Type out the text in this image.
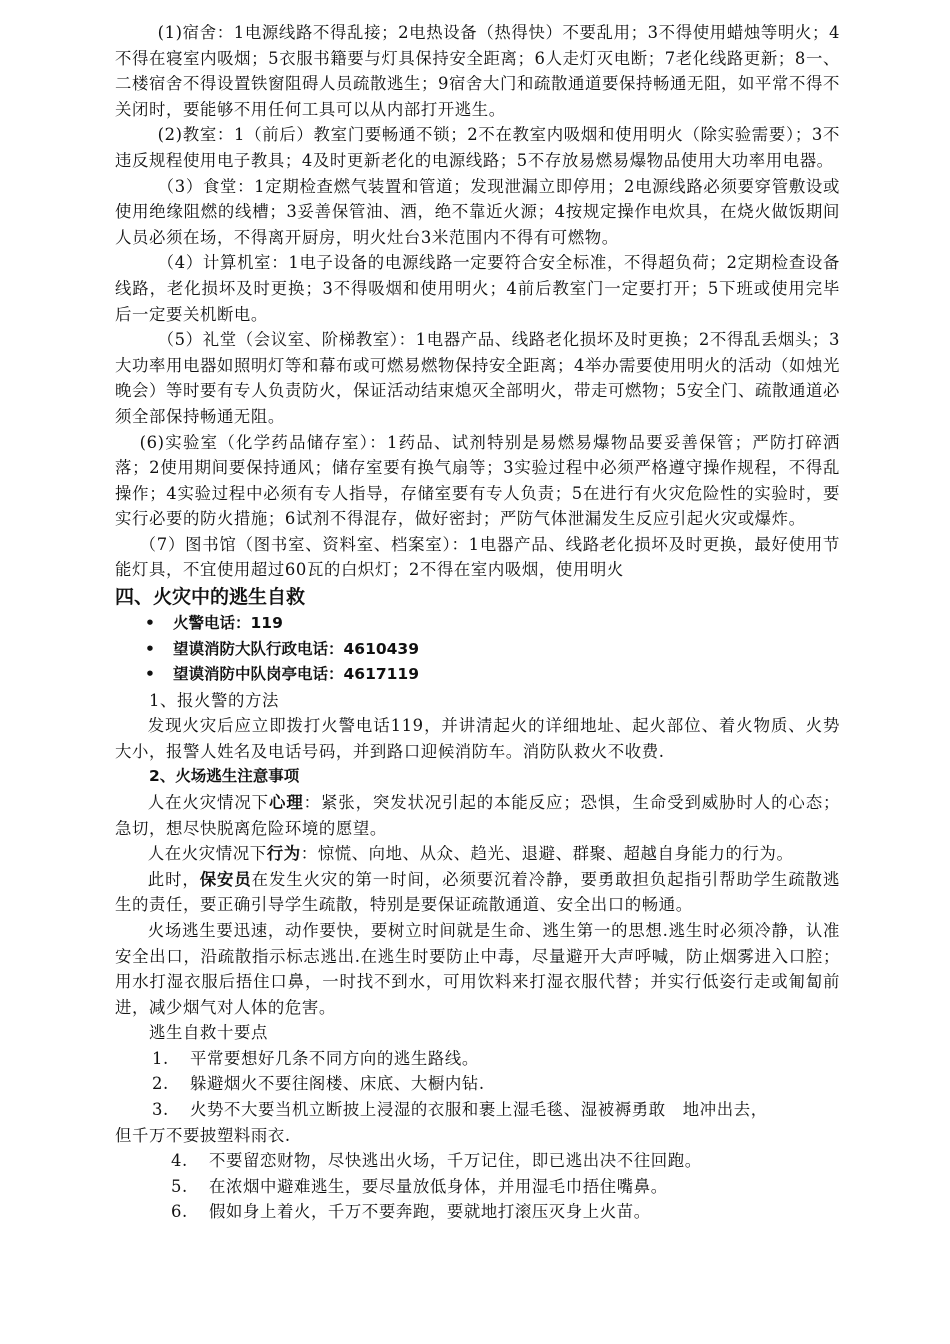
(1)宿舍：1电源线路不得乱接；2电热设备（热得快）不要乱用；3不得使用蜡烛等明火；4不得在寝室内吸烟；5衣服书籍要与灯具保持安全距离；6人走灯灭电断；7老化线路更新；8一、二楼宿舍不得设置铁窗阻碍人员疏散逃生；9宿舍大门和疏散通道要保持畅通无阻，如平常不得不关闭时，要能够不用任何工具可以从内部打开逃生。

(2)教室：1（前后）教室门要畅通不锁；2不在教室内吸烟和使用明火（除实验需要）；3不违反规程使用电子教具；4及时更新老化的电源线路；5不存放易燃易爆物品使用大功率用电器。

（3）食堂：1定期检查燃气装置和管道；发现泄漏立即停用；2电源线路必须要穿管敷设或使用绝缘阻燃的线槽；3妥善保管油、酒，绝不靠近火源；4按规定操作电炊具，在烧火做饭期间人员必须在场，不得离开厨房，明火灶台3米范围内不得有可燃物。

（4）计算机室：1电子设备的电源线路一定要符合安全标准，不得超负荷；2定期检查设备线路，老化损坏及时更换；3不得吸烟和使用明火；4前后教室门一定要打开；5下班或使用完毕后一定要关机断电。

（5）礼堂（会议室、阶梯教室）：1电器产品、线路老化损坏及时更换；2不得乱丢烟头；3大功率用电器如照明灯等和幕布或可燃易燃物保持安全距离；4举办需要使用明火的活动（如烛光晚会）等时要有专人负责防火，保证活动结束熄灭全部明火，带走可燃物；5安全门、疏散通道必须全部保持畅通无阻。

(6)实验室（化学药品储存室）：1药品、试剂特别是易燃易爆物品要妥善保管；严防打碎洒落；2使用期间要保持通风；储存室要有换气扇等；3实验过程中必须严格遵守操作规程，不得乱操作；4实验过程中必须有专人指导，存储室要有专人负责；5在进行有火灾危险性的实验时，要实行必要的防火措施；6试剂不得混存，做好密封；严防气体泄漏发生反应引起火灾或爆炸。

（7）图书馆（图书室、资料室、档案室）：1电器产品、线路老化损坏及时更换，最好使用节能灯具，不宜使用超过60瓦的白炽灯；2不得在室内吸烟，使用明火

四、火灾中的逃生自救
• 火警电话：119
• 望谟消防大队行政电话：4610439
• 望谟消防中队岗亭电话：4617119

1、报火警的方法

发现火灾后应立即拨打火警电话119，并讲清起火的详细地址、起火部位、着火物质、火势大小，报警人姓名及电话号码，并到路口迎候消防车。消防队救火不收费.

2、火场逃生注意事项

人在火灾情况下心理：紧张，突发状况引起的本能反应；恐惧，生命受到威胁时人的心态；急切，想尽快脱离危险环境的愿望。

人在火灾情况下行为：惊慌、向地、从众、趋光、退避、群聚、超越自身能力的行为。

此时，保安员在发生火灾的第一时间，必须要沉着冷静，要勇敢担负起指引帮助学生疏散逃生的责任，要正确引导学生疏散，特别是要保证疏散通道、安全出口的畅通。

火场逃生要迅速，动作要快，要树立时间就是生命、逃生第一的思想.逃生时必须冷静，认准安全出口，沿疏散指示标志逃出.在逃生时要防止中毒，尽量避开大声呼喊，防止烟雾进入口腔；用水打湿衣服后捂住口鼻，一时找不到水，可用饮料来打湿衣服代替；并实行低姿行走或匍匐前进，减少烟气对人体的危害。

逃生自救十要点

1. 平常要想好几条不同方向的逃生路线。

2. 躲避烟火不要往阁楼、床底、大橱内钻.

3. 火势不大要当机立断披上浸湿的衣服和裹上湿毛毯、湿被褥勇敢　地冲出去，

但千万不要披塑料雨衣.

4. 不要留恋财物，尽快逃出火场，千万记住，即已逃出决不往回跑。

5. 在浓烟中避难逃生，要尽量放低身体，并用湿毛巾捂住嘴鼻。

6. 假如身上着火，千万不要奔跑，要就地打滚压灭身上火苗。
